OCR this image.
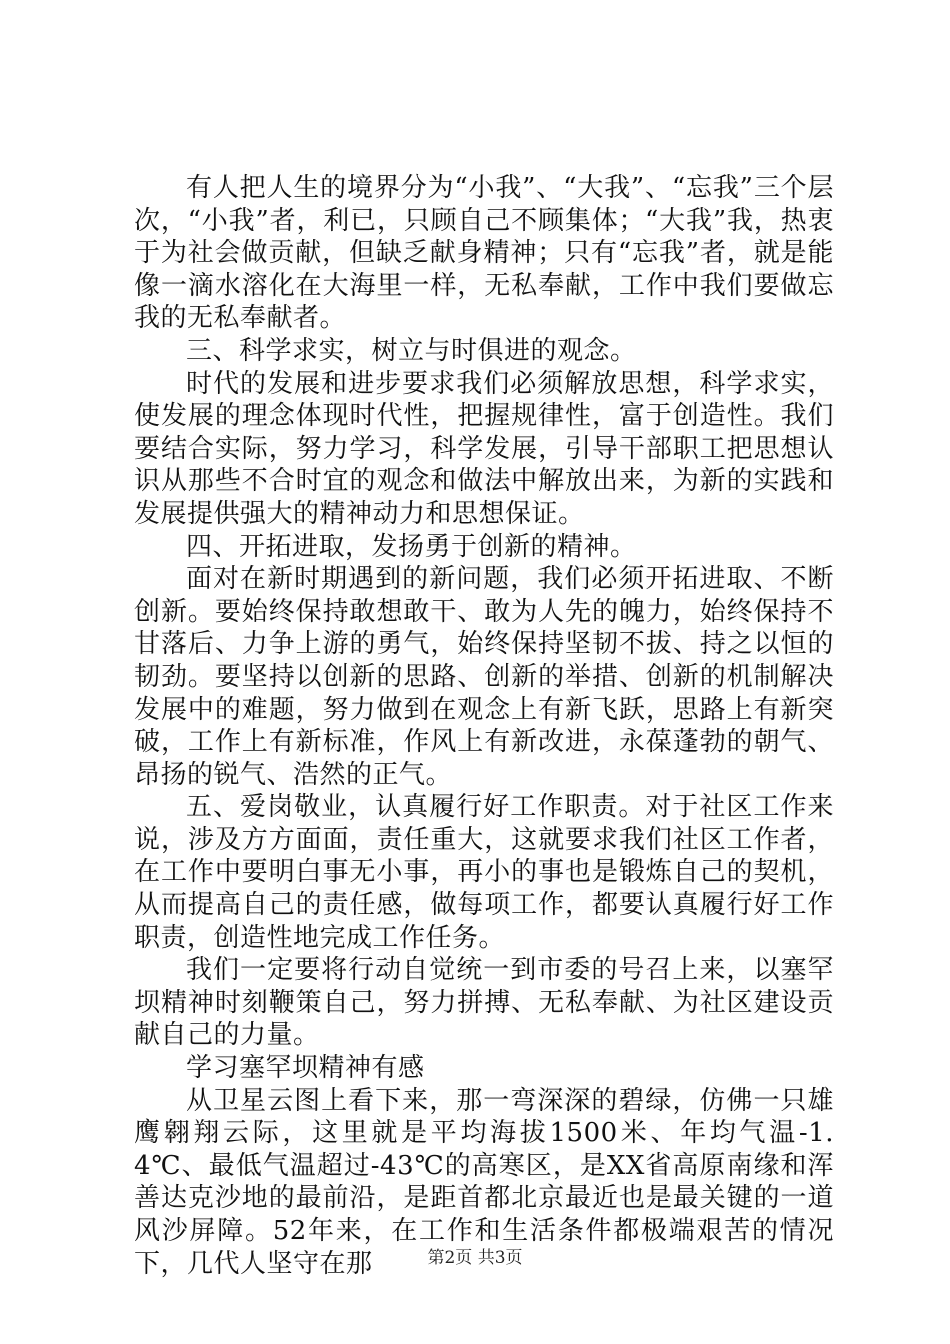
有人把人生的境界分为“小我”、“大我”、“忘我”三个层次，“小我”者，利已，只顾自己不顾集体；“大我”我，热衷于为社会做贡献，但缺乏献身精神；只有“忘我”者，就是能像一滴水溶化在大海里一样，无私奉献，工作中我们要做忘我的无私奉献者。

三、科学求实，树立与时俱进的观念。

时代的发展和进步要求我们必须解放思想，科学求实，使发展的理念体现时代性，把握规律性，富于创造性。我们要结合实际，努力学习，科学发展，引导干部职工把思想认识从那些不合时宜的观念和做法中解放出来，为新的实践和发展提供强大的精神动力和思想保证。

四、开拓进取，发扬勇于创新的精神。

面对在新时期遇到的新问题，我们必须开拓进取、不断创新。要始终保持敢想敢干、敢为人先的魄力，始终保持不甘落后、力争上游的勇气，始终保持坚韧不拔、持之以恒的韧劲。要坚持以创新的思路、创新的举措、创新的机制解决发展中的难题，努力做到在观念上有新飞跃，思路上有新突破，工作上有新标准，作风上有新改进，永葆蓬勃的朝气、昂扬的锐气、浩然的正气。

五、爱岗敬业，认真履行好工作职责。对于社区工作来说，涉及方方面面，责任重大，这就要求我们社区工作者，在工作中要明白事无小事，再小的事也是锻炼自己的契机，从而提高自己的责任感，做每项工作，都要认真履行好工作职责，创造性地完成工作任务。

我们一定要将行动自觉统一到市委的号召上来，以塞罕坝精神时刻鞭策自己，努力拼搏、无私奉献、为社区建设贡献自己的力量。

学习塞罕坝精神有感

从卫星云图上看下来，那一弯深深的碧绿，仿佛一只雄鹰翱翔云际，这里就是平均海拔1500米、年均气温-1.4℃、最低气温超过-43℃的高寒区，是XX省高原南缘和浑善达克沙地的最前沿，是距首都北京最近也是最关键的一道风沙屏障。52年来，在工作和生活条件都极端艰苦的情况下，几代人坚守在那	第2页 共3页
